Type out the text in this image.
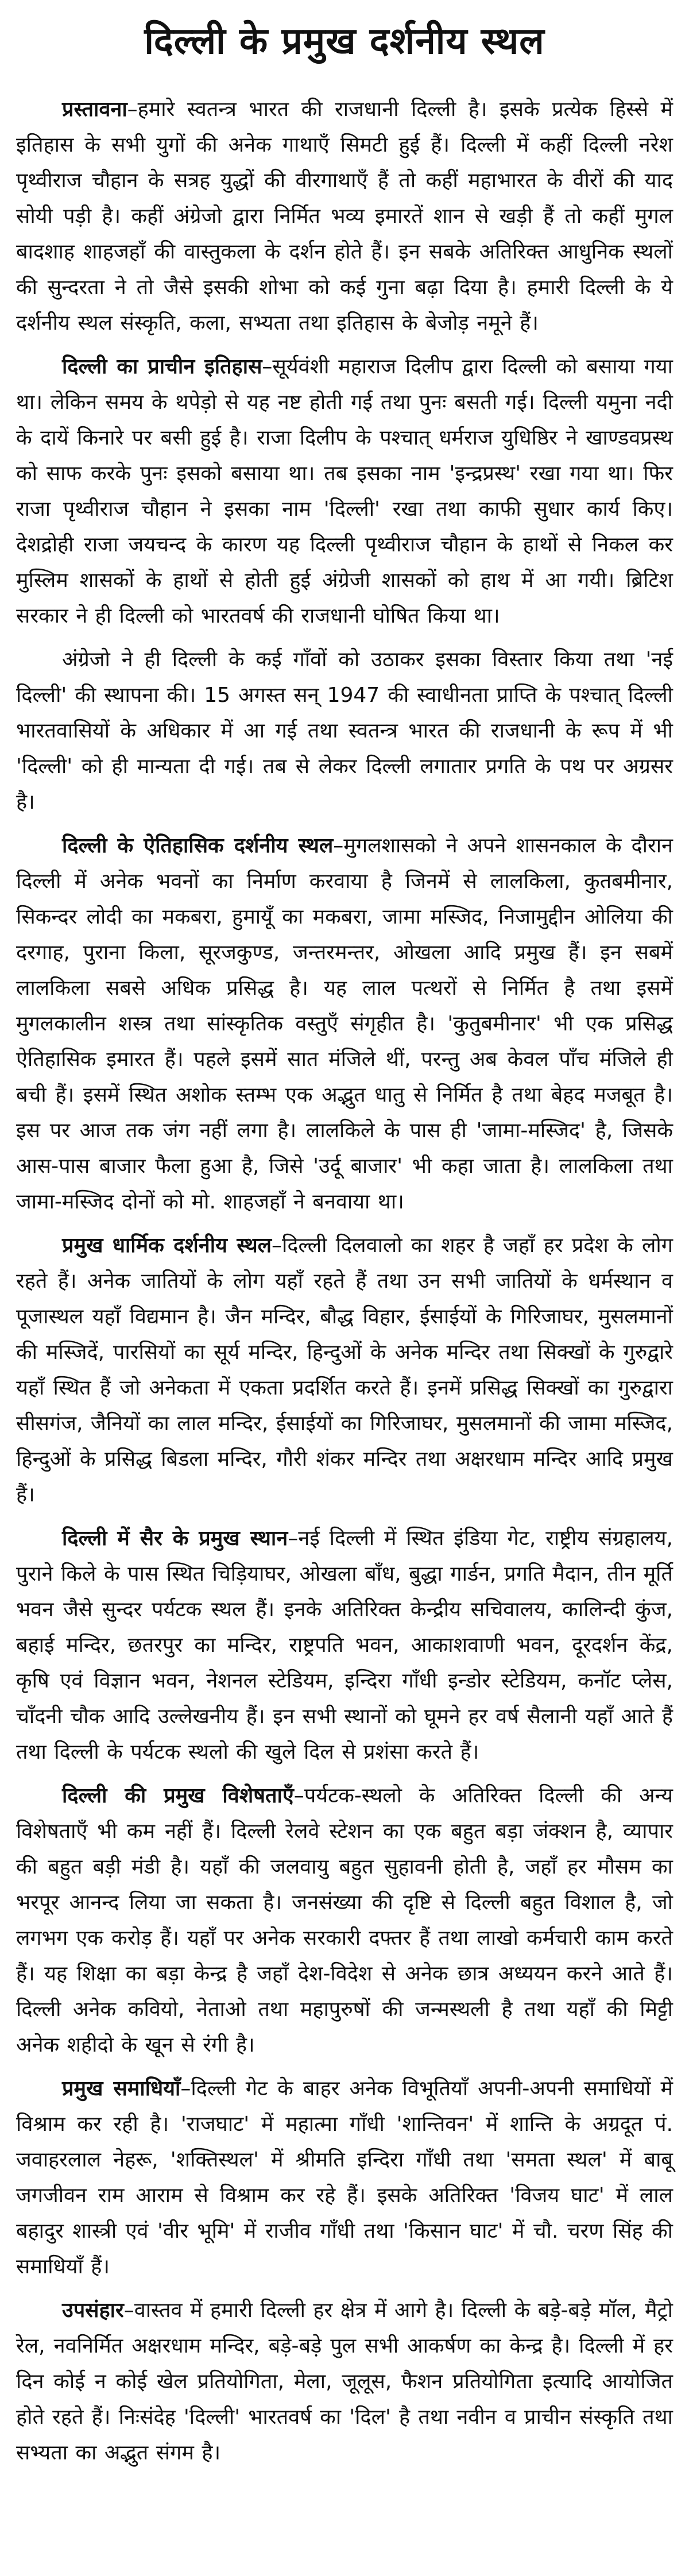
दिल्ली के प्रमुख दर्शनीय स्थल

प्रस्तावना–हमारे स्वतन्त्र भारत की राजधानी दिल्ली है। इसके प्रत्येक हिस्से में इतिहास के सभी युगों की अनेक गाथाएँ सिमटी हुई हैं। दिल्ली में कहीं दिल्ली नरेश पृथ्वीराज चौहान के सत्रह युद्धों की वीरगाथाएँ हैं तो कहीं महाभारत के वीरों की याद सोयी पड़ी है। कहीं अंग्रेजो द्वारा निर्मित भव्य इमारतें शान से खड़ी हैं तो कहीं मुगल बादशाह शाहजहाँ की वास्तुकला के दर्शन होते हैं। इन सबके अतिरिक्त आधुनिक स्थलों की सुन्दरता ने तो जैसे इसकी शोभा को कई गुना बढ़ा दिया है। हमारी दिल्ली के ये दर्शनीय स्थल संस्कृति, कला, सभ्यता तथा इतिहास के बेजोड़ नमूने हैं।

दिल्ली का प्राचीन इतिहास–सूर्यवंशी महाराज दिलीप द्वारा दिल्ली को बसाया गया था। लेकिन समय के थपेड़ो से यह नष्ट होती गई तथा पुनः बसती गई। दिल्ली यमुना नदी के दायें किनारे पर बसी हुई है। राजा दिलीप के पश्चात् धर्मराज युधिष्ठिर ने खाण्डवप्रस्थ को साफ करके पुनः इसको बसाया था। तब इसका नाम 'इन्द्रप्रस्थ' रखा गया था। फिर राजा पृथ्वीराज चौहान ने इसका नाम 'दिल्ली' रखा तथा काफी सुधार कार्य किए। देशद्रोही राजा जयचन्द के कारण यह दिल्ली पृथ्वीराज चौहान के हाथों से निकल कर मुस्लिम शासकों के हाथों से होती हुई अंग्रेजी शासकों को हाथ में आ गयी। ब्रिटिश सरकार ने ही दिल्ली को भारतवर्ष की राजधानी घोषित किया था।

अंग्रेजो ने ही दिल्ली के कई गाँवों को उठाकर इसका विस्तार किया तथा 'नई दिल्ली' की स्थापना की। 15 अगस्त सन् 1947 की स्वाधीनता प्राप्ति के पश्चात् दिल्ली भारतवासियों के अधिकार में आ गई तथा स्वतन्त्र भारत की राजधानी के रूप में भी 'दिल्ली' को ही मान्यता दी गई। तब से लेकर दिल्ली लगातार प्रगति के पथ पर अग्रसर है।

दिल्ली के ऐतिहासिक दर्शनीय स्थल–मुगलशासको ने अपने शासनकाल के दौरान दिल्ली में अनेक भवनों का निर्माण करवाया है जिनमें से लालकिला, कुतबमीनार, सिकन्दर लोदी का मकबरा, हुमायूँ का मकबरा, जामा मस्जिद, निजामुद्दीन ओलिया की दरगाह, पुराना किला, सूरजकुण्ड, जन्तरमन्तर, ओखला आदि प्रमुख हैं। इन सबमें लालकिला सबसे अधिक प्रसिद्ध है। यह लाल पत्थरों से निर्मित है तथा इसमें मुगलकालीन शस्त्र तथा सांस्कृतिक वस्तुएँ संगृहीत है। 'कुतुबमीनार' भी एक प्रसिद्ध ऐतिहासिक इमारत हैं। पहले इसमें सात मंजिले थीं, परन्तु अब केवल पाँच मंजिले ही बची हैं। इसमें स्थित अशोक स्तम्भ एक अद्भुत धातु से निर्मित है तथा बेहद मजबूत है। इस पर आज तक जंग नहीं लगा है। लालकिले के पास ही 'जामा-मस्जिद' है, जिसके आस-पास बाजार फैला हुआ है, जिसे 'उर्दू बाजार' भी कहा जाता है। लालकिला तथा जामा-मस्जिद दोनों को मो. शाहजहाँ ने बनवाया था।

प्रमुख धार्मिक दर्शनीय स्थल–दिल्ली दिलवालो का शहर है जहाँ हर प्रदेश के लोग रहते हैं। अनेक जातियों के लोग यहाँ रहते हैं तथा उन सभी जातियों के धर्मस्थान व पूजास्थल यहाँ विद्यमान है। जैन मन्दिर, बौद्ध विहार, ईसाईयों के गिरिजाघर, मुसलमानों की मस्जिदें, पारसियों का सूर्य मन्दिर, हिन्दुओं के अनेक मन्दिर तथा सिक्खों के गुरुद्वारे यहाँ स्थित हैं जो अनेकता में एकता प्रदर्शित करते हैं। इनमें प्रसिद्ध सिक्खों का गुरुद्वारा सीसगंज, जैनियों का लाल मन्दिर, ईसाईयों का गिरिजाघर, मुसलमानों की जामा मस्जिद, हिन्दुओं के प्रसिद्ध बिडला मन्दिर, गौरी शंकर मन्दिर तथा अक्षरधाम मन्दिर आदि प्रमुख हैं।

दिल्ली में सैर के प्रमुख स्थान–नई दिल्ली में स्थित इंडिया गेट, राष्ट्रीय संग्रहालय, पुराने किले के पास स्थित चिड़ियाघर, ओखला बाँध, बुद्धा गार्डन, प्रगति मैदान, तीन मूर्ति भवन जैसे सुन्दर पर्यटक स्थल हैं। इनके अतिरिक्त केन्द्रीय सचिवालय, कालिन्दी कुंज, बहाई मन्दिर, छतरपुर का मन्दिर, राष्ट्रपति भवन, आकाशवाणी भवन, दूरदर्शन केंद्र, कृषि एवं विज्ञान भवन, नेशनल स्टेडियम, इन्दिरा गाँधी इन्डोर स्टेडियम, कनॉट प्लेस, चाँदनी चौक आदि उल्लेखनीय हैं। इन सभी स्थानों को घूमने हर वर्ष सैलानी यहाँ आते हैं तथा दिल्ली के पर्यटक स्थलो की खुले दिल से प्रशंसा करते हैं।

दिल्ली की प्रमुख विशेषताएँ–पर्यटक-स्थलो के अतिरिक्त दिल्ली की अन्य विशेषताएँ भी कम नहीं हैं। दिल्ली रेलवे स्टेशन का एक बहुत बड़ा जंक्शन है, व्यापार की बहुत बड़ी मंडी है। यहाँ की जलवायु बहुत सुहावनी होती है, जहाँ हर मौसम का भरपूर आनन्द लिया जा सकता है। जनसंख्या की दृष्टि से दिल्ली बहुत विशाल है, जो लगभग एक करोड़ हैं। यहाँ पर अनेक सरकारी दफ्तर हैं तथा लाखो कर्मचारी काम करते हैं। यह शिक्षा का बड़ा केन्द्र है जहाँ देश-विदेश से अनेक छात्र अध्ययन करने आते हैं। दिल्ली अनेक कवियो, नेताओ तथा महापुरुषों की जन्मस्थली है तथा यहाँ की मिट्टी अनेक शहीदो के खून से रंगी है।

प्रमुख समाधियाँ–दिल्ली गेट के बाहर अनेक विभूतियाँ अपनी-अपनी समाधियों में विश्राम कर रही है। 'राजघाट' में महात्मा गाँधी 'शान्तिवन' में शान्ति के अग्रदूत पं. जवाहरलाल नेहरू, 'शक्तिस्थल' में श्रीमति इन्दिरा गाँधी तथा 'समता स्थल' में बाबू जगजीवन राम आराम से विश्राम कर रहे हैं। इसके अतिरिक्त 'विजय घाट' में लाल बहादुर शास्त्री एवं 'वीर भूमि' में राजीव गाँधी तथा 'किसान घाट' में चौ. चरण सिंह की समाधियाँ हैं।

उपसंहार–वास्तव में हमारी दिल्ली हर क्षेत्र में आगे है। दिल्ली के बड़े-बड़े मॉल, मैट्रो रेल, नवनिर्मित अक्षरधाम मन्दिर, बड़े-बड़े पुल सभी आकर्षण का केन्द्र है। दिल्ली में हर दिन कोई न कोई खेल प्रतियोगिता, मेला, जूलूस, फैशन प्रतियोगिता इत्यादि आयोजित होते रहते हैं। निःसंदेह 'दिल्ली' भारतवर्ष का 'दिल' है तथा नवीन व प्राचीन संस्कृति तथा सभ्यता का अद्भुत संगम है।
